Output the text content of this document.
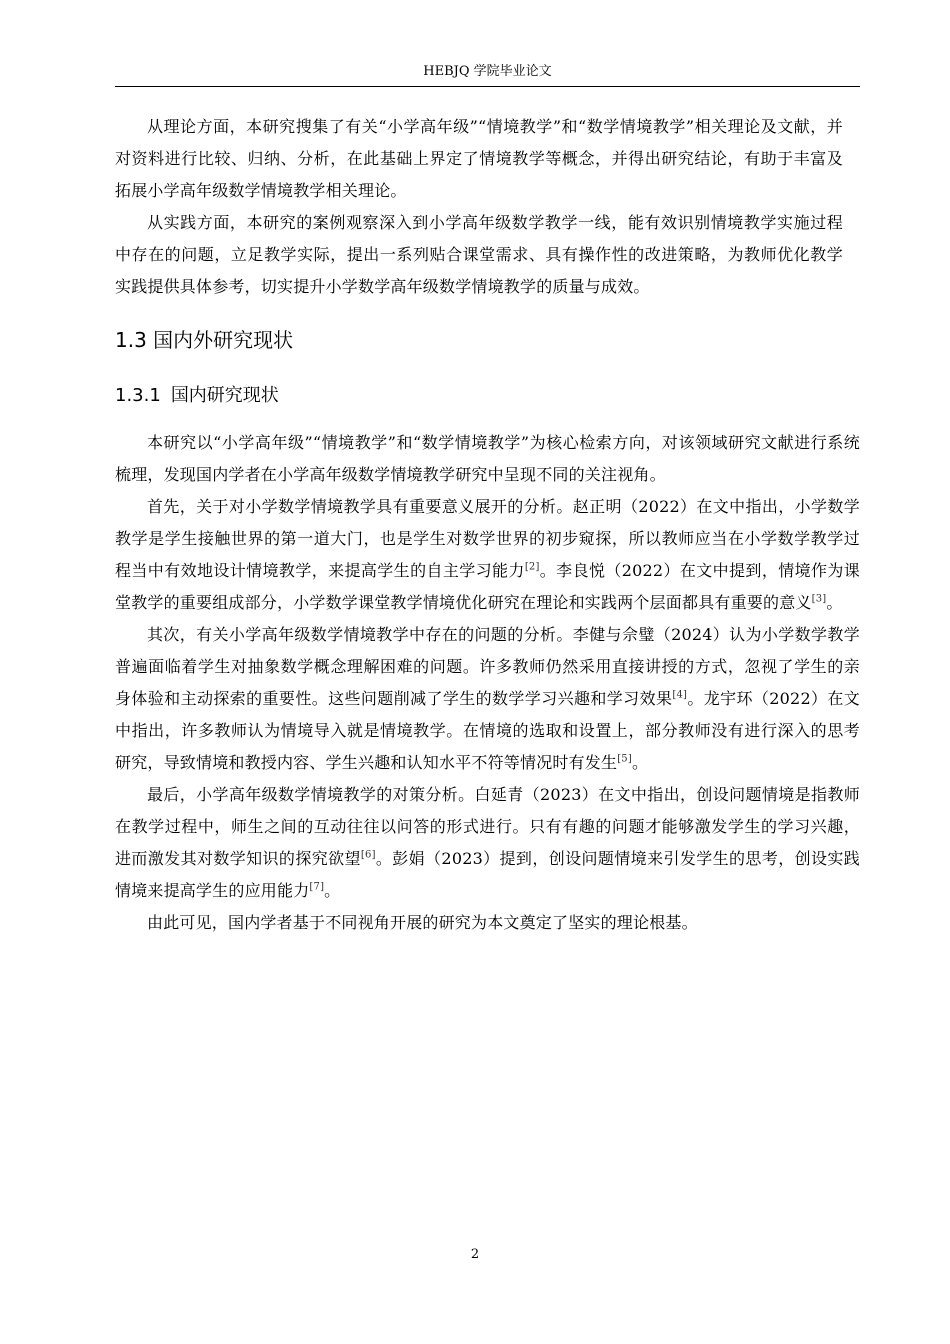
HEBJQ 学院毕业论文

从理论方面，本研究搜集了有关“小学高年级”“情境教学”和“数学情境教学”相关理论及文献，并对资料进行比较、归纳、分析，在此基础上界定了情境教学等概念，并得出研究结论，有助于丰富及拓展小学高年级数学情境教学相关理论。

从实践方面，本研究的案例观察深入到小学高年级数学教学一线，能有效识别情境教学实施过程中存在的问题，立足教学实际，提出一系列贴合课堂需求、具有操作性的改进策略，为教师优化教学实践提供具体参考，切实提升小学数学高年级数学情境教学的质量与成效。

1.3 国内外研究现状
1.3.1 国内研究现状

本研究以“小学高年级”“情境教学”和“数学情境教学”为核心检索方向，对该领域研究文献进行系统梳理，发现国内学者在小学高年级数学情境教学研究中呈现不同的关注视角。

首先，关于对小学数学情境教学具有重要意义展开的分析。赵正明（2022）在文中指出，小学数学教学是学生接触世界的第一道大门，也是学生对数学世界的初步窥探，所以教师应当在小学数学教学过程当中有效地设计情境教学，来提高学生的自主学习能力[2]。李良悦（2022）在文中提到，情境作为课堂教学的重要组成部分，小学数学课堂教学情境优化研究在理论和实践两个层面都具有重要的意义[3]。

其次，有关小学高年级数学情境教学中存在的问题的分析。李健与佘璧（2024）认为小学数学教学普遍面临着学生对抽象数学概念理解困难的问题。许多教师仍然采用直接讲授的方式，忽视了学生的亲身体验和主动探索的重要性。这些问题削减了学生的数学学习兴趣和学习效果[4]。龙宇环（2022）在文中指出，许多教师认为情境导入就是情境教学。在情境的选取和设置上，部分教师没有进行深入的思考研究，导致情境和教授内容、学生兴趣和认知水平不符等情况时有发生[5]。

最后，小学高年级数学情境教学的对策分析。白延青（2023）在文中指出，创设问题情境是指教师在教学过程中，师生之间的互动往往以问答的形式进行。只有有趣的问题才能够激发学生的学习兴趣，进而激发其对数学知识的探究欲望[6]。彭娟（2023）提到，创设问题情境来引发学生的思考，创设实践情境来提高学生的应用能力[7]。

由此可见，国内学者基于不同视角开展的研究为本文奠定了坚实的理论根基。

2
